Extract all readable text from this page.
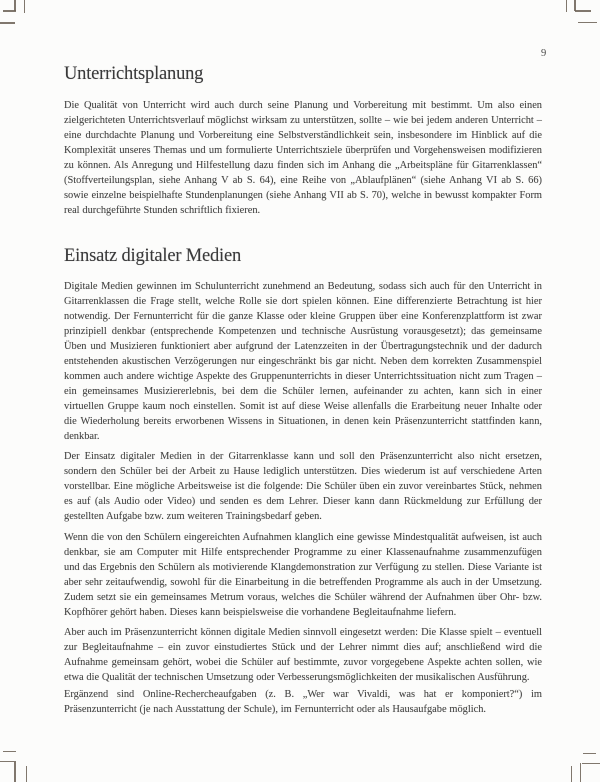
9
Unterrichtsplanung

Die Qualität von Unterricht wird auch durch seine Planung und Vorbereitung mit bestimmt. Um also einen zielgerichteten Unterrichtsverlauf möglichst wirksam zu unterstützen, sollte – wie bei jedem anderen Unterricht – eine durchdachte Planung und Vorbereitung eine Selbstverständlichkeit sein, insbesondere im Hinblick auf die Komplexität unseres Themas und um formulierte Unterrichtsziele überprüfen und Vorgehensweisen modifizieren zu können. Als Anregung und Hilfestellung dazu finden sich im Anhang die „Arbeitspläne für Gitarrenklassen“ (Stoffverteilungsplan, siehe Anhang V ab S. 64), eine Reihe von „Ablaufplänen“ (siehe Anhang VI ab S. 66) sowie einzelne beispielhafte Stundenplanungen (siehe Anhang VII ab S. 70), welche in bewusst kompakter Form real durchgeführte Stunden schriftlich fixieren.

Einsatz digitaler Medien

Digitale Medien gewinnen im Schulunterricht zunehmend an Bedeutung, sodass sich auch für den Unterricht in Gitarrenklassen die Frage stellt, welche Rolle sie dort spielen können. Eine differenzierte Betrachtung ist hier notwendig. Der Fernunterricht für die ganze Klasse oder kleine Gruppen über eine Konferenzplattform ist zwar prinzipiell denkbar (entsprechende Kompetenzen und technische Ausrüstung vorausgesetzt); das gemeinsame Üben und Musizieren funktioniert aber aufgrund der Latenzzeiten in der Übertragungstechnik und der dadurch entstehenden akustischen Verzögerungen nur eingeschränkt bis gar nicht. Neben dem korrekten Zusammenspiel kommen auch andere wichtige Aspekte des Gruppenunterrichts in dieser Unterrichtssituation nicht zum Tragen – ein gemeinsames Musiziererlebnis, bei dem die Schüler lernen, aufeinander zu achten, kann sich in einer virtuellen Gruppe kaum noch einstellen. Somit ist auf diese Weise allenfalls die Erarbeitung neuer Inhalte oder die Wiederholung bereits erworbenen Wissens in Situationen, in denen kein Präsenzunterricht stattfinden kann, denkbar.

Der Einsatz digitaler Medien in der Gitarrenklasse kann und soll den Präsenzunterricht also nicht ersetzen, sondern den Schüler bei der Arbeit zu Hause lediglich unterstützen. Dies wiederum ist auf verschiedene Arten vorstellbar. Eine mögliche Arbeitsweise ist die folgende: Die Schüler üben ein zuvor vereinbartes Stück, nehmen es auf (als Audio oder Video) und senden es dem Lehrer. Dieser kann dann Rückmeldung zur Erfüllung der gestellten Aufgabe bzw. zum weiteren Trainingsbedarf geben.

Wenn die von den Schülern eingereichten Aufnahmen klanglich eine gewisse Mindestqualität aufweisen, ist auch denkbar, sie am Computer mit Hilfe entsprechender Programme zu einer Klassenaufnahme zusammenzufügen und das Ergebnis den Schülern als motivierende Klangdemonstration zur Verfügung zu stellen. Diese Variante ist aber sehr zeitaufwendig, sowohl für die Einarbeitung in die betreffenden Programme als auch in der Umsetzung. Zudem setzt sie ein gemeinsames Metrum voraus, welches die Schüler während der Aufnahmen über Ohr- bzw. Kopfhörer gehört haben. Dieses kann beispielsweise die vorhandene Begleitaufnahme liefern.

Aber auch im Präsenzunterricht können digitale Medien sinnvoll eingesetzt werden: Die Klasse spielt – eventuell zur Begleitaufnahme – ein zuvor einstudiertes Stück und der Lehrer nimmt dies auf; anschließend wird die Aufnahme gemeinsam gehört, wobei die Schüler auf bestimmte, zuvor vorgegebene Aspekte achten sollen, wie etwa die Qualität der technischen Umsetzung oder Verbesserungsmöglichkeiten der musikalischen Ausführung.

Ergänzend sind Online-Rechercheaufgaben (z. B. „Wer war Vivaldi, was hat er komponiert?“) im Präsenzunterricht (je nach Ausstattung der Schule), im Fernunterricht oder als Hausaufgabe möglich.
